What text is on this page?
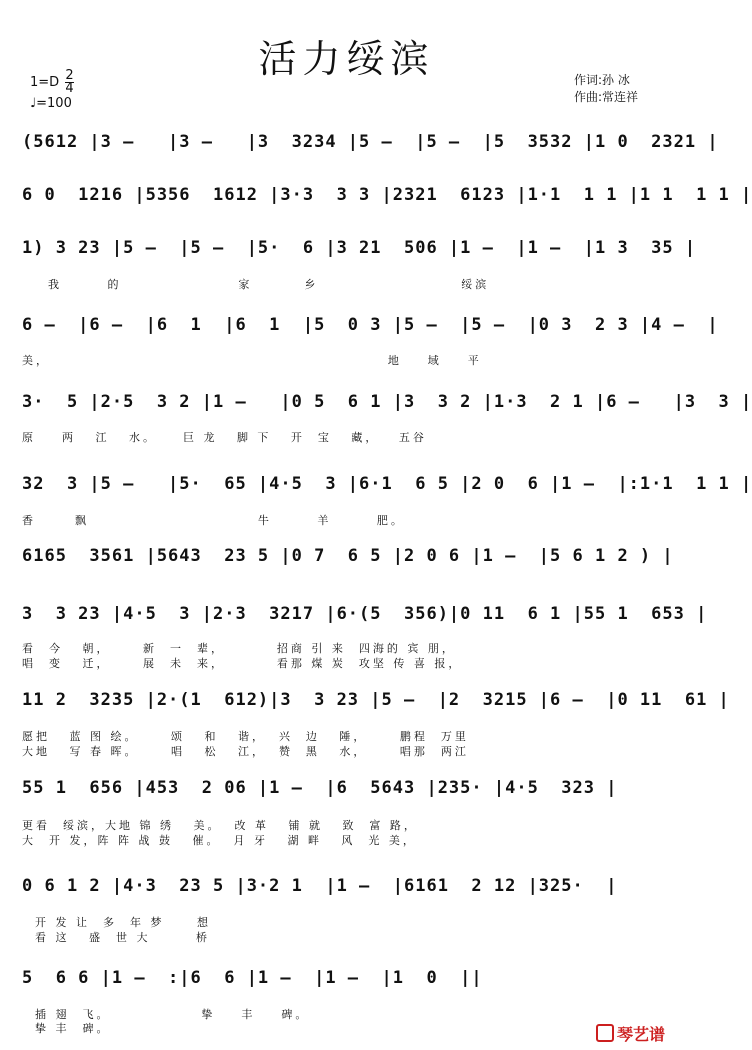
活力绥滨
$1=D \frac{2}{4}$
♩=100
作词:孙 冰
作曲:常连祥
(5612 |3 –   |3 –   |3  3234 |5 –  |5 –  |5  3532 |1 0  2321 |
6 0  1216 |5356  1612 |3·3  3 3 |2321  6123 |1·1  1 1 |1 1  1 1 |
1) 3 23 |5 –  |5 –  |5·  6 |3 21  506 |1 –  |1 –  |1 3  35 |
我       的                  家        乡                      绥滨
6 –  |6 –  |6  1  |6  1  |5  0 3 |5 –  |5 –  |0 3  2 3 |4 –  |
美，                                                    地    域    平
3·  5 |2·5  3 2 |1 –   |0 5  6 1 |3  3 2 |1·3  2 1 |6 –   |3  3 |
原    两   江   水。    巨 龙   脚 下   开  宝   藏，   五谷
32  3 |5 –   |5·  65 |4·5  3 |6·1  6 5 |2 0  6 |1 –  |:1·1  1 1 |
香      飘                          牛       羊       肥。
6165  3561 |5643  23 5 |0 7  6 5 |2 0 6 |1 –  |5 6 1 2 ) |
3  3 23 |4·5  3 |2·3  3217 |6·(5  356)|0 11  6 1 |55 1  653 |
看  今   朝，     新  一  辈，        招商 引 来  四海的 宾 朋，
唱  变   迁，     展  未  来，        看那 煤 炭  攻坚 传 喜 报，
11 2  3235 |2·(1  612)|3  3 23 |5 –  |2  3215 |6 –  |0 11  61 |
愿把   蓝 图 绘。     颂   和   谐，  兴  边   陲，     鹏程  万里
大地   写 春 晖。     唱   松   江，  赞  黑   水，     唱那  两江
55 1  656 |453  2 06 |1 –  |6  5643 |235· |4·5  323 |
更看  绥滨，大地 锦 绣   美。  改 革   铺 就   致  富 路，
大  开 发，阵 阵 战 鼓   催。  月 牙   湖 畔   风  光 美，
0 6 1 2 |4·3  23 5 |3·2 1  |1 –  |6161  2 12 |325·  |
开 发 让  多  年 梦     想
看 这   盛  世 大       桥
5  6 6 |1 –  :|6  6 |1 –  |1 –  |1  0  ||
插 翅  飞。              挚    丰    碑。
挚 丰  碑。	琴艺谱
